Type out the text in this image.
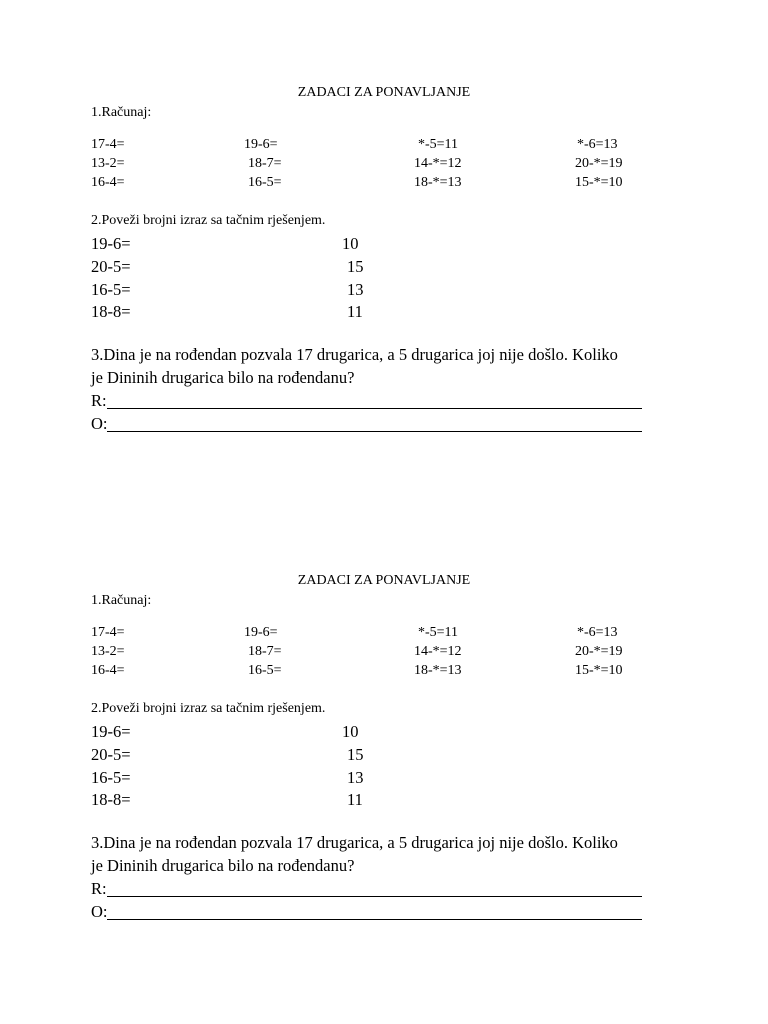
ZADACI ZA PONAVLJANJE
1.Računaj:
17-4=	19-6=	*-5=11	*-6=13
13-2=	18-7=	14-*=12	20-*=19
16-4=	16-5=	18-*=13	15-*=10
2.Poveži brojni izraz sa tačnim rješenjem.
19-6=	10
20-5=	15
16-5=	13
18-8=	11
3.Dina je na rođendan pozvala 17 drugarica, a 5 drugarica joj nije došlo. Koliko
je Dininih drugarica bilo na rođendanu?
R:
O:
ZADACI ZA PONAVLJANJE
1.Računaj:
17-4=	19-6=	*-5=11	*-6=13
13-2=	18-7=	14-*=12	20-*=19
16-4=	16-5=	18-*=13	15-*=10
2.Poveži brojni izraz sa tačnim rješenjem.
19-6=	10
20-5=	15
16-5=	13
18-8=	11
3.Dina je na rođendan pozvala 17 drugarica, a 5 drugarica joj nije došlo. Koliko
je Dininih drugarica bilo na rođendanu?
R:
O:
